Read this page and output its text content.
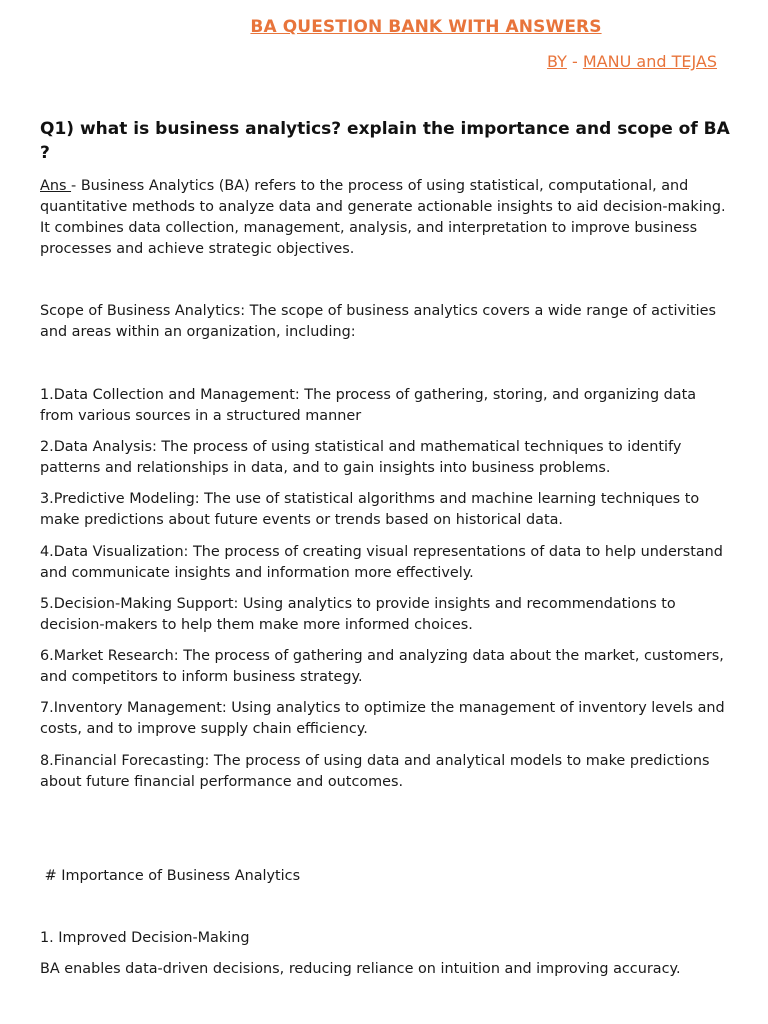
BA QUESTION BANK WITH ANSWERS

BY - MANU and TEJAS

Q1) what is business analytics? explain the importance and scope of BA ?

Ans - Business Analytics (BA) refers to the process of using statistical, computational, and quantitative methods to analyze data and generate actionable insights to aid decision-making. It combines data collection, management, analysis, and interpretation to improve business processes and achieve strategic objectives.

Scope of Business Analytics: The scope of business analytics covers a wide range of activities and areas within an organization, including:

1.Data Collection and Management: The process of gathering, storing, and organizing data from various sources in a structured manner

2.Data Analysis: The process of using statistical and mathematical techniques to identify patterns and relationships in data, and to gain insights into business problems.

3.Predictive Modeling: The use of statistical algorithms and machine learning techniques to make predictions about future events or trends based on historical data.

4.Data Visualization: The process of creating visual representations of data to help understand and communicate insights and information more effectively.

5.Decision-Making Support: Using analytics to provide insights and recommendations to decision-makers to help them make more informed choices.

6.Market Research: The process of gathering and analyzing data about the market, customers, and competitors to inform business strategy.

7.Inventory Management: Using analytics to optimize the management of inventory levels and costs, and to improve supply chain efficiency.

8.Financial Forecasting: The process of using data and analytical models to make predictions about future financial performance and outcomes.

# Importance of Business Analytics

1. Improved Decision-Making

BA enables data-driven decisions, reducing reliance on intuition and improving accuracy.
